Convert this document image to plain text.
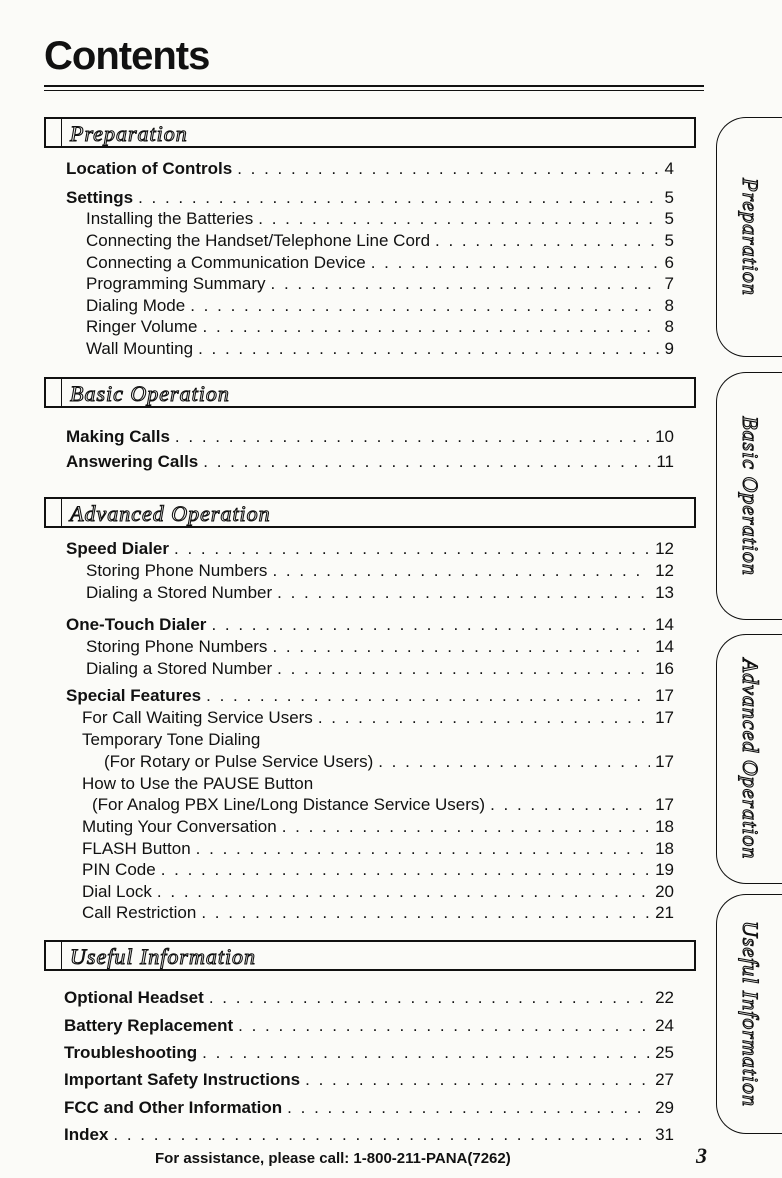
Contents
Preparation
Location of Controls . . .	4
Settings . . .	5
Installing the Batteries . . .	5
Connecting the Handset/Telephone Line Cord . . .	5
Connecting a Communication Device . . .	6
Programming Summary . . .	7
Dialing Mode . . .	8
Ringer Volume . . .	8
Wall Mounting . . .	9
Basic Operation
Making Calls . . .	10
Answering Calls . . .	11
Advanced Operation
Speed Dialer . . .	12
Storing Phone Numbers . . .	12
Dialing a Stored Number . . .	13
One-Touch Dialer . . .	14
Storing Phone Numbers . . .	14
Dialing a Stored Number . . .	16
Special Features . . .	17
For Call Waiting Service Users . . .	17
Temporary Tone Dialing
(For Rotary or Pulse Service Users) . . .	17
How to Use the PAUSE Button
(For Analog PBX Line/Long Distance Service Users) . . .	17
Muting Your Conversation . . .	18
FLASH Button . . .	18
PIN Code . . .	19
Dial Lock . . .	20
Call Restriction . . .	21
Useful Information
Optional Headset . . .	22
Battery Replacement . . .	24
Troubleshooting . . .	25
Important Safety Instructions . . .	27
FCC and Other Information . . .	29
Index . . .	31
Preparation
Basic Operation
Advanced Operation
Useful Information
For assistance, please call: 1-800-211-PANA(7262)	3
